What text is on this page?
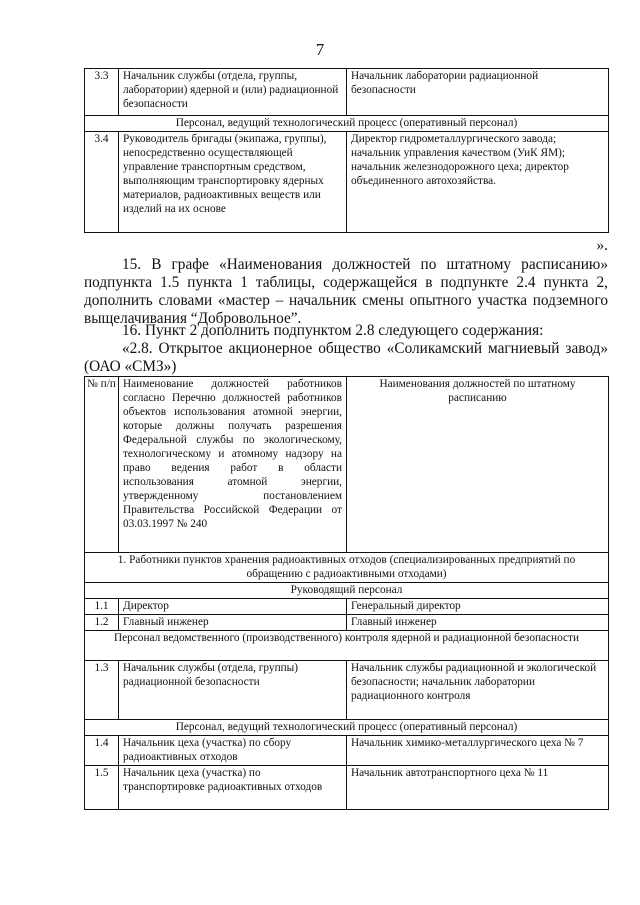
7
3.3	Начальник службы (отдела, группы, лаборатории) ядерной и (или) радиационной безопасности	Начальник лаборатории радиационной безопасности
Персонал, ведущий технологический процесс (оперативный персонал)		
3.4	Руководитель бригады (экипажа, группы), непосредственно осуществляющей управление транспортным средством, выполняющим транспортировку ядерных материалов, радиоактивных веществ или изделий на их основе	Директор гидрометаллургического завода; начальник управления качеством (УиК ЯМ); начальник железнодорожного цеха; директор объединенного автохозяйства.
».
15. В графе «Наименования должностей по штатному расписанию» подпункта 1.5 пункта 1 таблицы, содержащейся в подпункте 2.4 пункта 2, дополнить словами «мастер – начальник смены опытного участка подземного выщелачивания “Добровольное”.
16. Пункт 2 дополнить подпунктом 2.8 следующего содержания:
«2.8. Открытое акционерное общество «Соликамский магниевый завод» (ОАО «СМЗ»)
№ п/п	Наименование должностей работников согласно Перечню должностей работников объектов использования атомной энергии, которые должны получать разрешения Федеральной службы по экологическому, технологическому и атомному надзору на право ведения работ в области использования атомной энергии, утвержденному постановлением Правительства Российской Федерации от 03.03.1997 № 240	Наименования должностей по штатному расписанию
1. Работники пунктов хранения радиоактивных отходов (специализированных предприятий по обращению с радиоактивными отходами)		
Руководящий персонал		
1.1	Директор	Генеральный директор
1.2	Главный инженер	Главный инженер
Персонал ведомственного (производственного) контроля ядерной и радиационной безопасности		
1.3	Начальник службы (отдела, группы) радиационной безопасности	Начальник службы радиационной и экологической безопасности; начальник лаборатории радиационного контроля
Персонал, ведущий технологический процесс (оперативный персонал)		
1.4	Начальник цеха (участка) по сбору радиоактивных отходов	Начальник химико-металлургического цеха № 7
1.5	Начальник цеха (участка) по транспортировке радиоактивных отходов	Начальник автотранспортного цеха № 11
